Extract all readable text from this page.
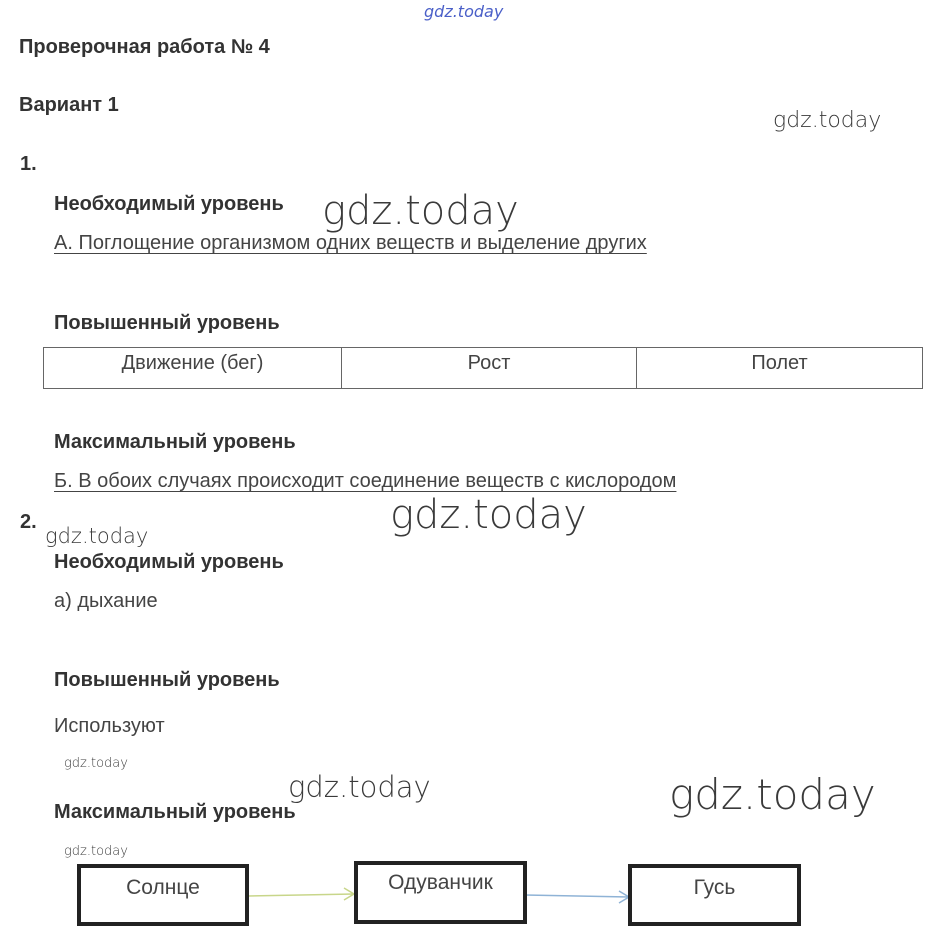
gdz.today
gdz.today
gdz.today
gdz.today
gdz.today
gdz.today
gdz.today	gdz.today
gdz.today
Проверочная работа № 4
Вариант 1
1.
Необходимый уровень
А. Поглощение организмом одних веществ и выделение других
Повышенный уровень
Движение (бег)	Рост	Полет
Максимальный уровень
Б. В обоих случаях происходит соединение веществ с кислородом
2.
Необходимый уровень
а) дыхание
Повышенный уровень
Используют
Максимальный уровень
Солнце	Одуванчик	Гусь
